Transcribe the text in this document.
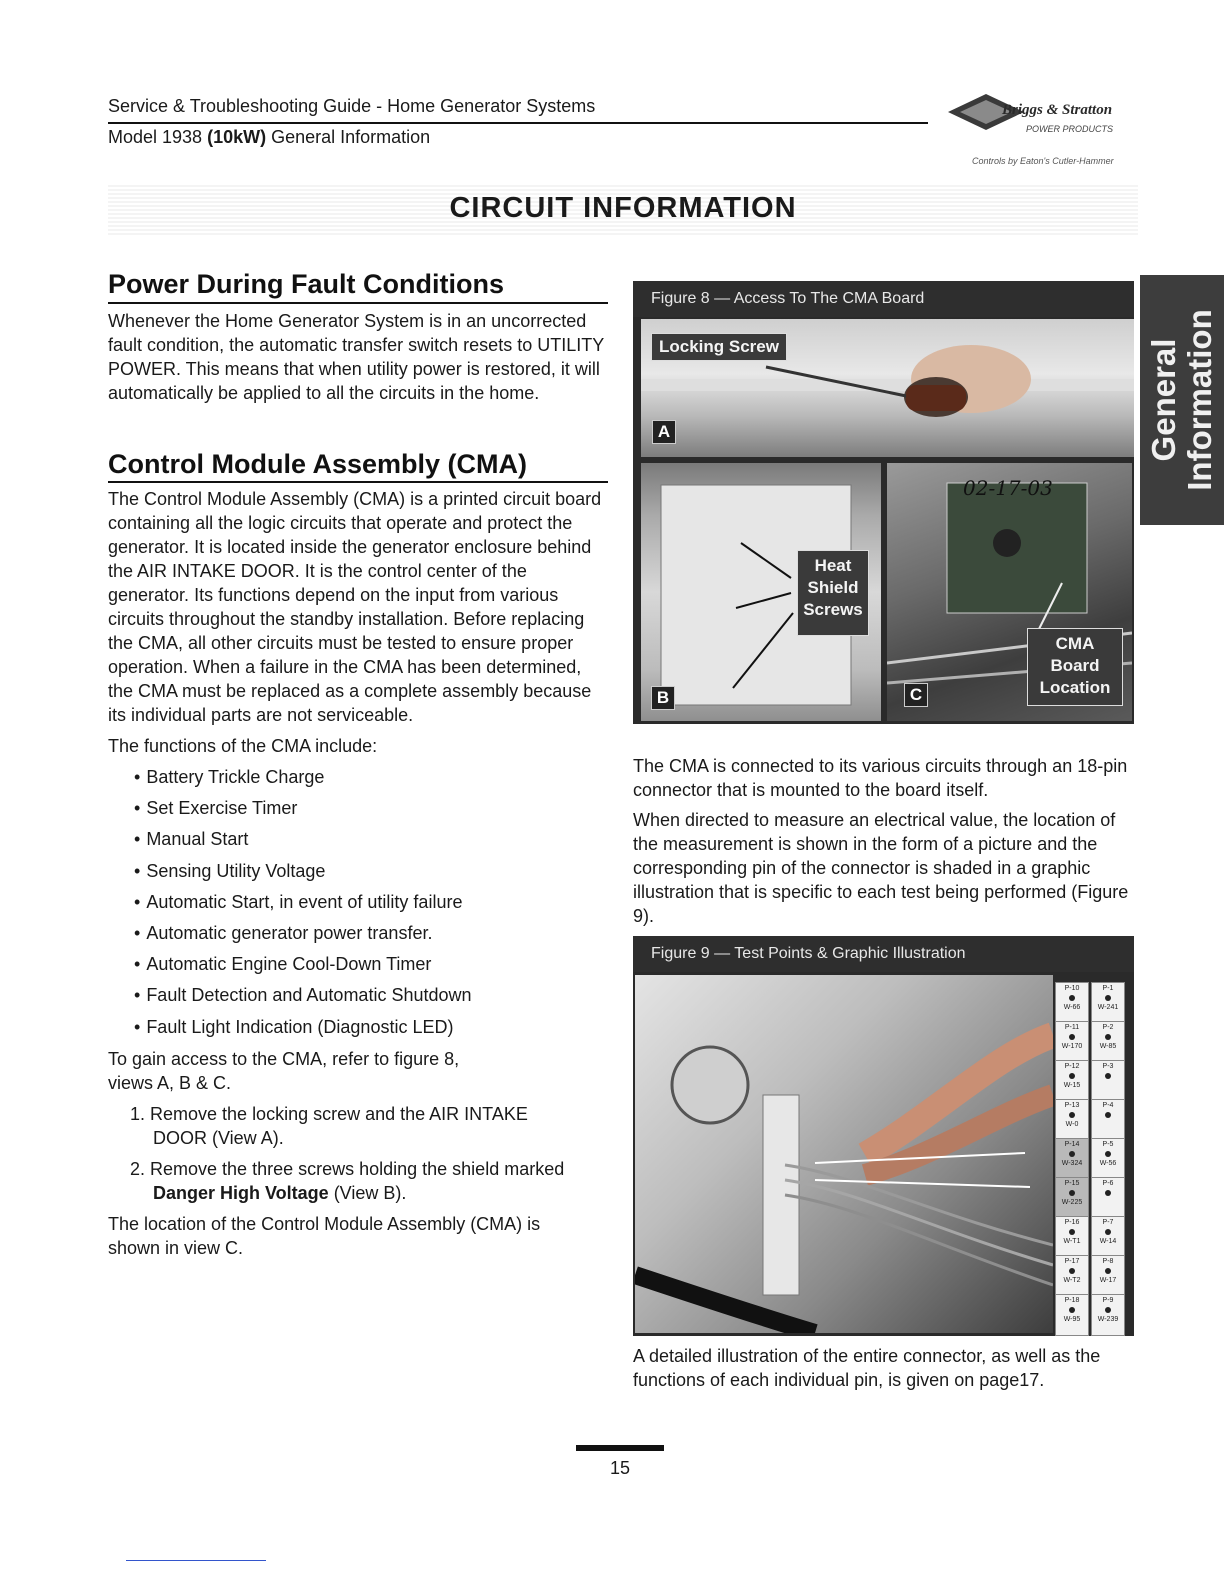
Service & Troubleshooting Guide - Home Generator Systems
Model 1938 (10kW) General Information
Briggs & Stratton
POWER PRODUCTS
Controls by Eaton's Cutler-Hammer
CIRCUIT INFORMATION
General Information
Power During Fault Conditions

Whenever the Home Generator System is in an uncorrected fault condition, the automatic transfer switch resets to UTILITY POWER. This means that when utility power is restored, it will automatically be applied to all the circuits in the home.

Control Module Assembly (CMA)

The Control Module Assembly (CMA) is a printed circuit board containing all the logic circuits that operate and protect the generator. It is located inside the generator enclosure behind the AIR INTAKE DOOR. It is the control center of the generator. Its functions depend on the input from various circuits throughout the standby installation. Before replacing the CMA, all other circuits must be tested to ensure proper operation. When a failure in the CMA has been determined, the CMA must be replaced as a complete assembly because its individual parts are not serviceable.

The functions of the CMA include:

• Battery Trickle Charge
• Set Exercise Timer
• Manual Start
• Sensing Utility Voltage
• Automatic Start, in event of utility failure
• Automatic generator power transfer.
• Automatic Engine Cool-Down Timer
• Fault Detection and Automatic Shutdown
• Fault Light Indication (Diagnostic LED)

To gain access to the CMA, refer to figure 8,

views A, B & C.

1. Remove the locking screw and the AIR INTAKE
DOOR (View A).
2. Remove the three screws holding the shield marked
Danger High Voltage (View B).

The location of the Control Module Assembly (CMA) is

shown in view C.

Figure 8 — Access To The CMA Board
Locking Screw
A
Heat
Shield
Screws
B
02-17-03
CMA
Board
Location
C

The CMA is connected to its various circuits through an 18-pin connector that is mounted to the board itself.

When directed to measure an electrical value, the location of the measurement is shown in the form of a picture and the corresponding pin of the connector is shaded in a graphic illustration that is specific to each test being performed (Figure 9).

Figure 9 — Test Points & Graphic Illustration
P-10
W-66
P-1
W-241
P-11
W-170
P-2
W-85
P-12
W-15
P-3
P-13
W-0
P-4
P-14
W-324
P-5
W-56
P-15
W-225
P-6
P-16
W-T1
P-7
W-14
P-17
W-T2
P-8
W-17
P-18
W-95
P-9
W-239

A detailed illustration of the entire connector, as well as the functions of each individual pin, is given on page17.

15
